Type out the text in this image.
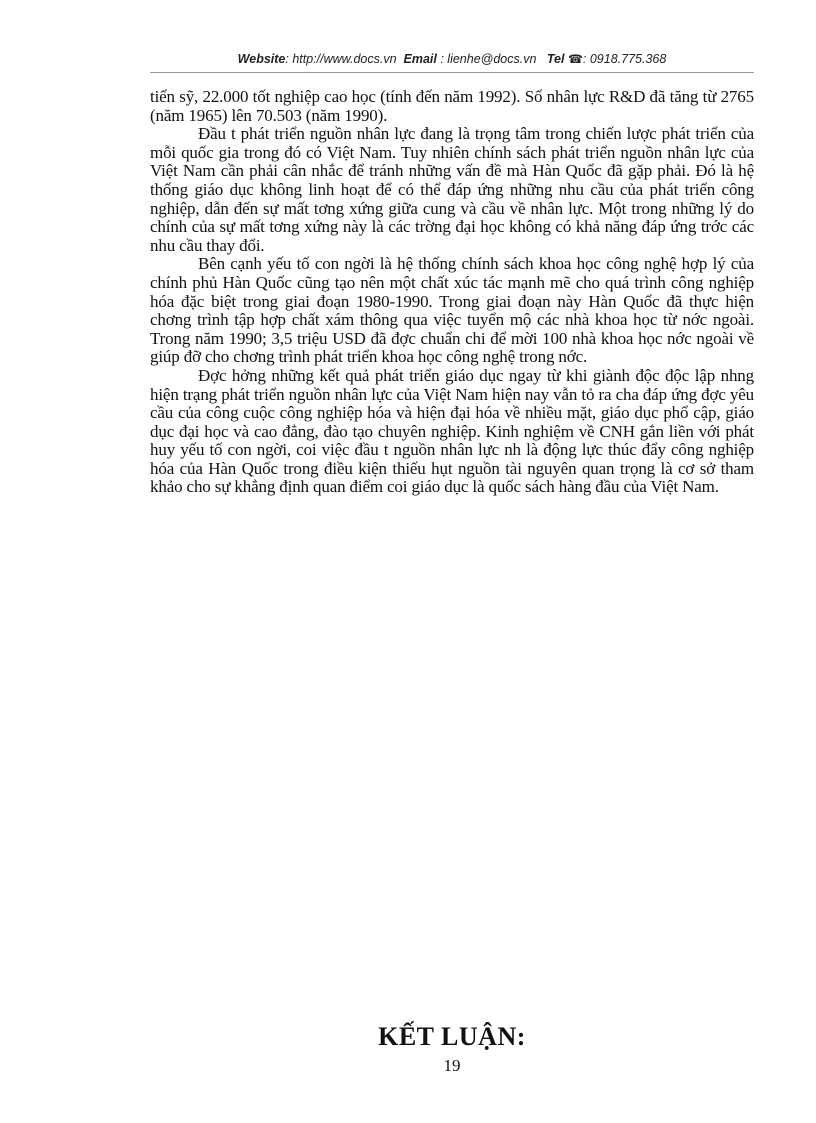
Website: http://www.docs.vn Email : lienhe@docs.vn Tel ☎: 0918.775.368

tiến sỹ, 22.000 tốt nghiệp cao học (tính đến năm 1992). Số nhân lực R&D đã tăng từ 2765 (năm 1965) lên 70.503 (năm 1990).

Đầu t phát triển nguồn nhân lực đang là trọng tâm trong chiến lược phát triển của mỗi quốc gia trong đó có Việt Nam. Tuy nhiên chính sách phát triển nguồn nhân lực của Việt Nam cần phải cân nhắc để tránh những vấn đề mà Hàn Quốc đã gặp phải. Đó là hệ thống giáo dục không linh hoạt để có thể đáp ứng những nhu cầu của phát triển công nghiệp, dẫn đến sự mất tơng xứng giữa cung và cầu về nhân lực. Một trong những lý do chính của sự mất tơng xứng này là các trờng đại học không có khả năng đáp ứng trớc các nhu cầu thay đổi.

Bên cạnh yếu tố con ngời là hệ thống chính sách khoa học công nghệ hợp lý của chính phủ Hàn Quốc cũng tạo nên một chất xúc tác mạnh mẽ cho quá trình công nghiệp hóa đặc biệt trong giai đoạn 1980-1990. Trong giai đoạn này Hàn Quốc đã thực hiện chơng trình tập hợp chất xám thông qua việc tuyển mộ các nhà khoa học từ nớc ngoài. Trong năm 1990; 3,5 triệu USD đã đợc chuẩn chi để mời 100 nhà khoa học nớc ngoài về giúp đỡ cho chơng trình phát triển khoa học công nghệ trong nớc.

Đợc hởng những kết quả phát triển giáo dục ngay từ khi giành độc độc lập nhng hiện trạng phát triển nguồn nhân lực của Việt Nam hiện nay vẫn tỏ ra cha đáp ứng đợc yêu cầu của công cuộc công nghiệp hóa và hiện đại hóa về nhiều mặt, giáo dục phổ cập, giáo dục đại học và cao đẳng, đào tạo chuyên nghiệp. Kinh nghiệm về CNH gắn liền với phát huy yếu tố con ngời, coi việc đầu t nguồn nhân lực nh là động lực thúc đẩy công nghiệp hóa của Hàn Quốc trong điều kiện thiếu hụt nguồn tài nguyên quan trọng là cơ sở tham khảo cho sự khẳng định quan điểm coi giáo dục là quốc sách hàng đầu của Việt Nam.

KẾT LUẬN:
19
